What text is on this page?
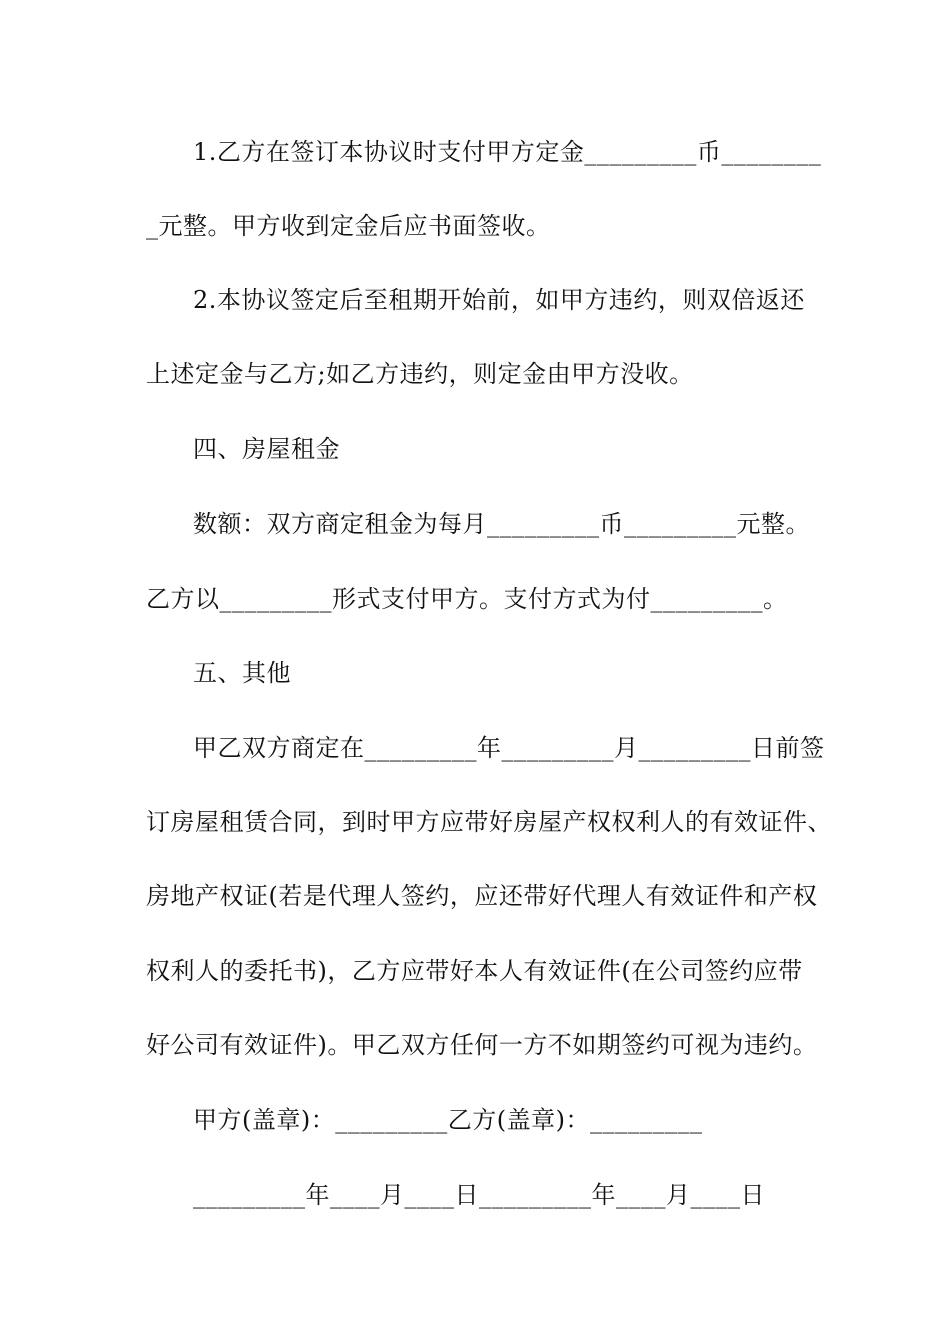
1.乙方在签订本协议时支付甲方定金_________币________
_元整。甲方收到定金后应书面签收。
2.本协议签定后至租期开始前，如甲方违约，则双倍返还
上述定金与乙方;如乙方违约，则定金由甲方没收。
四、房屋租金
数额：双方商定租金为每月_________币_________元整。
乙方以_________形式支付甲方。支付方式为付_________。
五、其他
甲乙双方商定在_________年_________月_________日前签
订房屋租赁合同，到时甲方应带好房屋产权权利人的有效证件、
房地产权证(若是代理人签约，应还带好代理人有效证件和产权
权利人的委托书)，乙方应带好本人有效证件(在公司签约应带
好公司有效证件)。甲乙双方任何一方不如期签约可视为违约。
甲方(盖章)：_________乙方(盖章)：_________
_________年____月____日_________年____月____日
